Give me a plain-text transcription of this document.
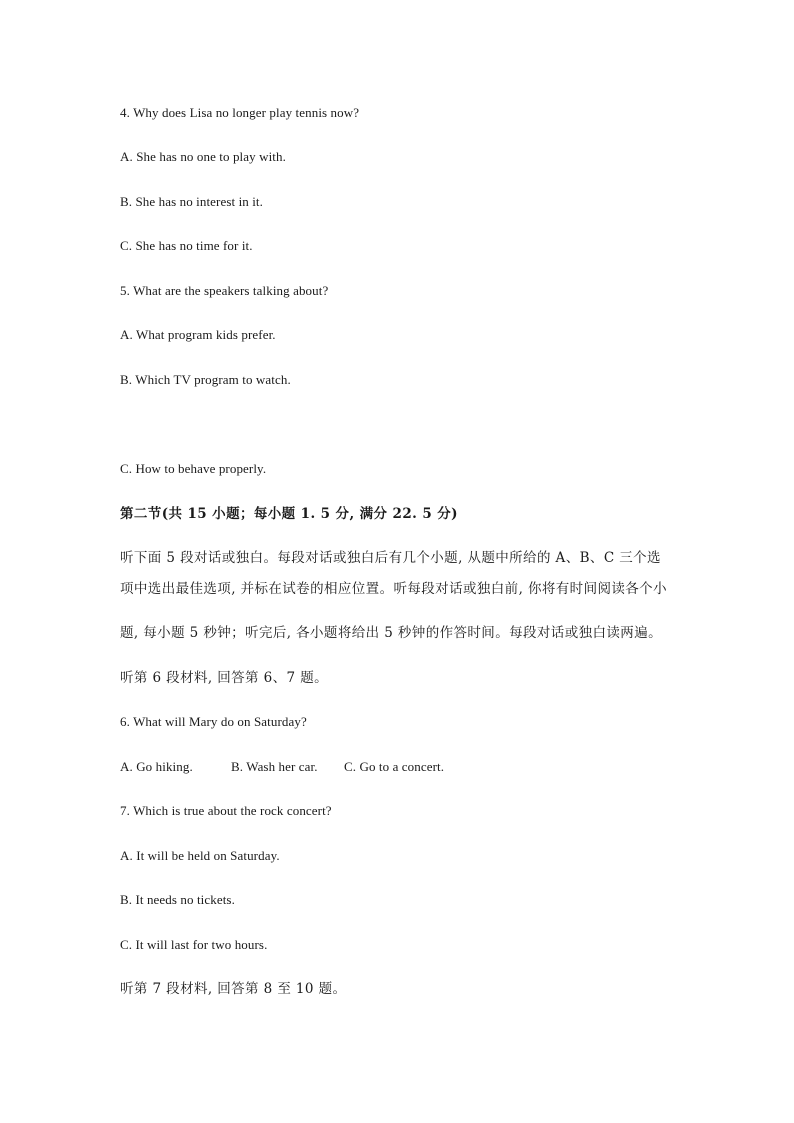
4. Why does Lisa no longer play tennis now?
A. She has no one to play with.
B. She has no interest in it.
C. She has no time for it.
5. What are the speakers talking about?
A. What program kids prefer.
B. Which TV program to watch.
C. How to behave properly.
第二节(共 15 小题；每小题 1. 5 分, 满分 22. 5 分)
听下面 5 段对话或独白。每段对话或独白后有几个小题, 从题中所给的 A、B、C 三个选
项中选出最佳选项, 并标在试卷的相应位置。听每段对话或独白前, 你将有时间阅读各个小
题, 每小题 5 秒钟；听完后, 各小题将给出 5 秒钟的作答时间。每段对话或独白读两遍。
听第 6 段材料, 回答第 6、7 题。
6. What will Mary do on Saturday?
A. Go hiking.	B. Wash her car. C. Go to a concert.
7. Which is true about the rock concert?
A. It will be held on Saturday.
B. It needs no tickets.
C. It will last for two hours.
听第 7 段材料, 回答第 8 至 10 题。
